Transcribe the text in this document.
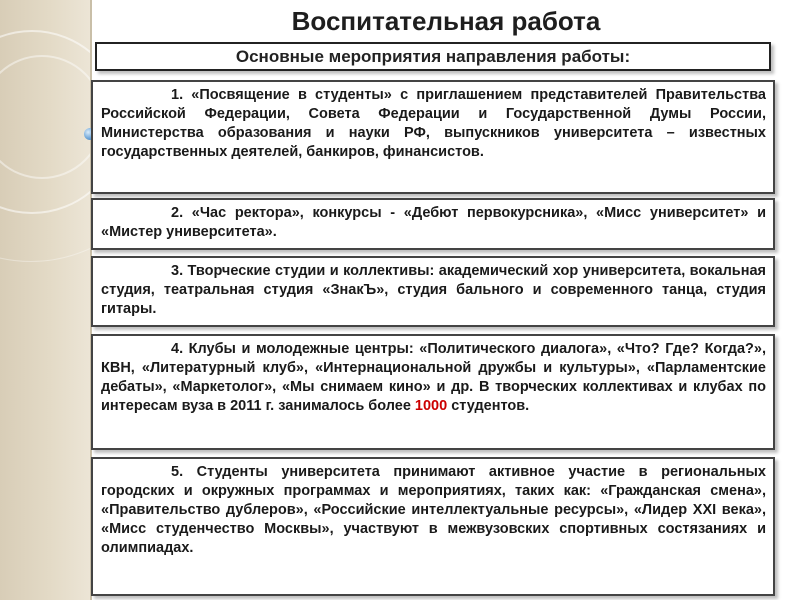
Воспитательная работа
Основные мероприятия направления работы:

1. «Посвящение в студенты» с приглашением представителей Правительства Российской Федерации, Совета Федерации и Государственной Думы России, Министерства образования и науки РФ, выпускников университета – известных государственных деятелей, банкиров, финансистов.

2. «Час ректора», конкурсы - «Дебют первокурсника», «Мисс университет» и «Мистер университета».

3. Творческие студии и коллективы: академический хор университета, вокальная студия, театральная студия «ЗнакЪ», студия бального и современного танца, студия гитары.

4. Клубы и молодежные центры: «Политического диалога», «Что? Где? Когда?», КВН, «Литературный клуб», «Интернациональной дружбы и культуры», «Парламентские дебаты», «Маркетолог», «Мы снимаем кино» и др. В творческих коллективах и клубах по интересам вуза в 2011 г. занималось более 1000 студентов.

5. Студенты университета принимают активное участие в региональных городских и окружных программах и мероприятиях, таких как: «Гражданская смена», «Правительство дублеров», «Российские интеллектуальные ресурсы», «Лидер XXI века», «Мисс студенчество Москвы», участвуют в межвузовских спортивных состязаниях и олимпиадах.
